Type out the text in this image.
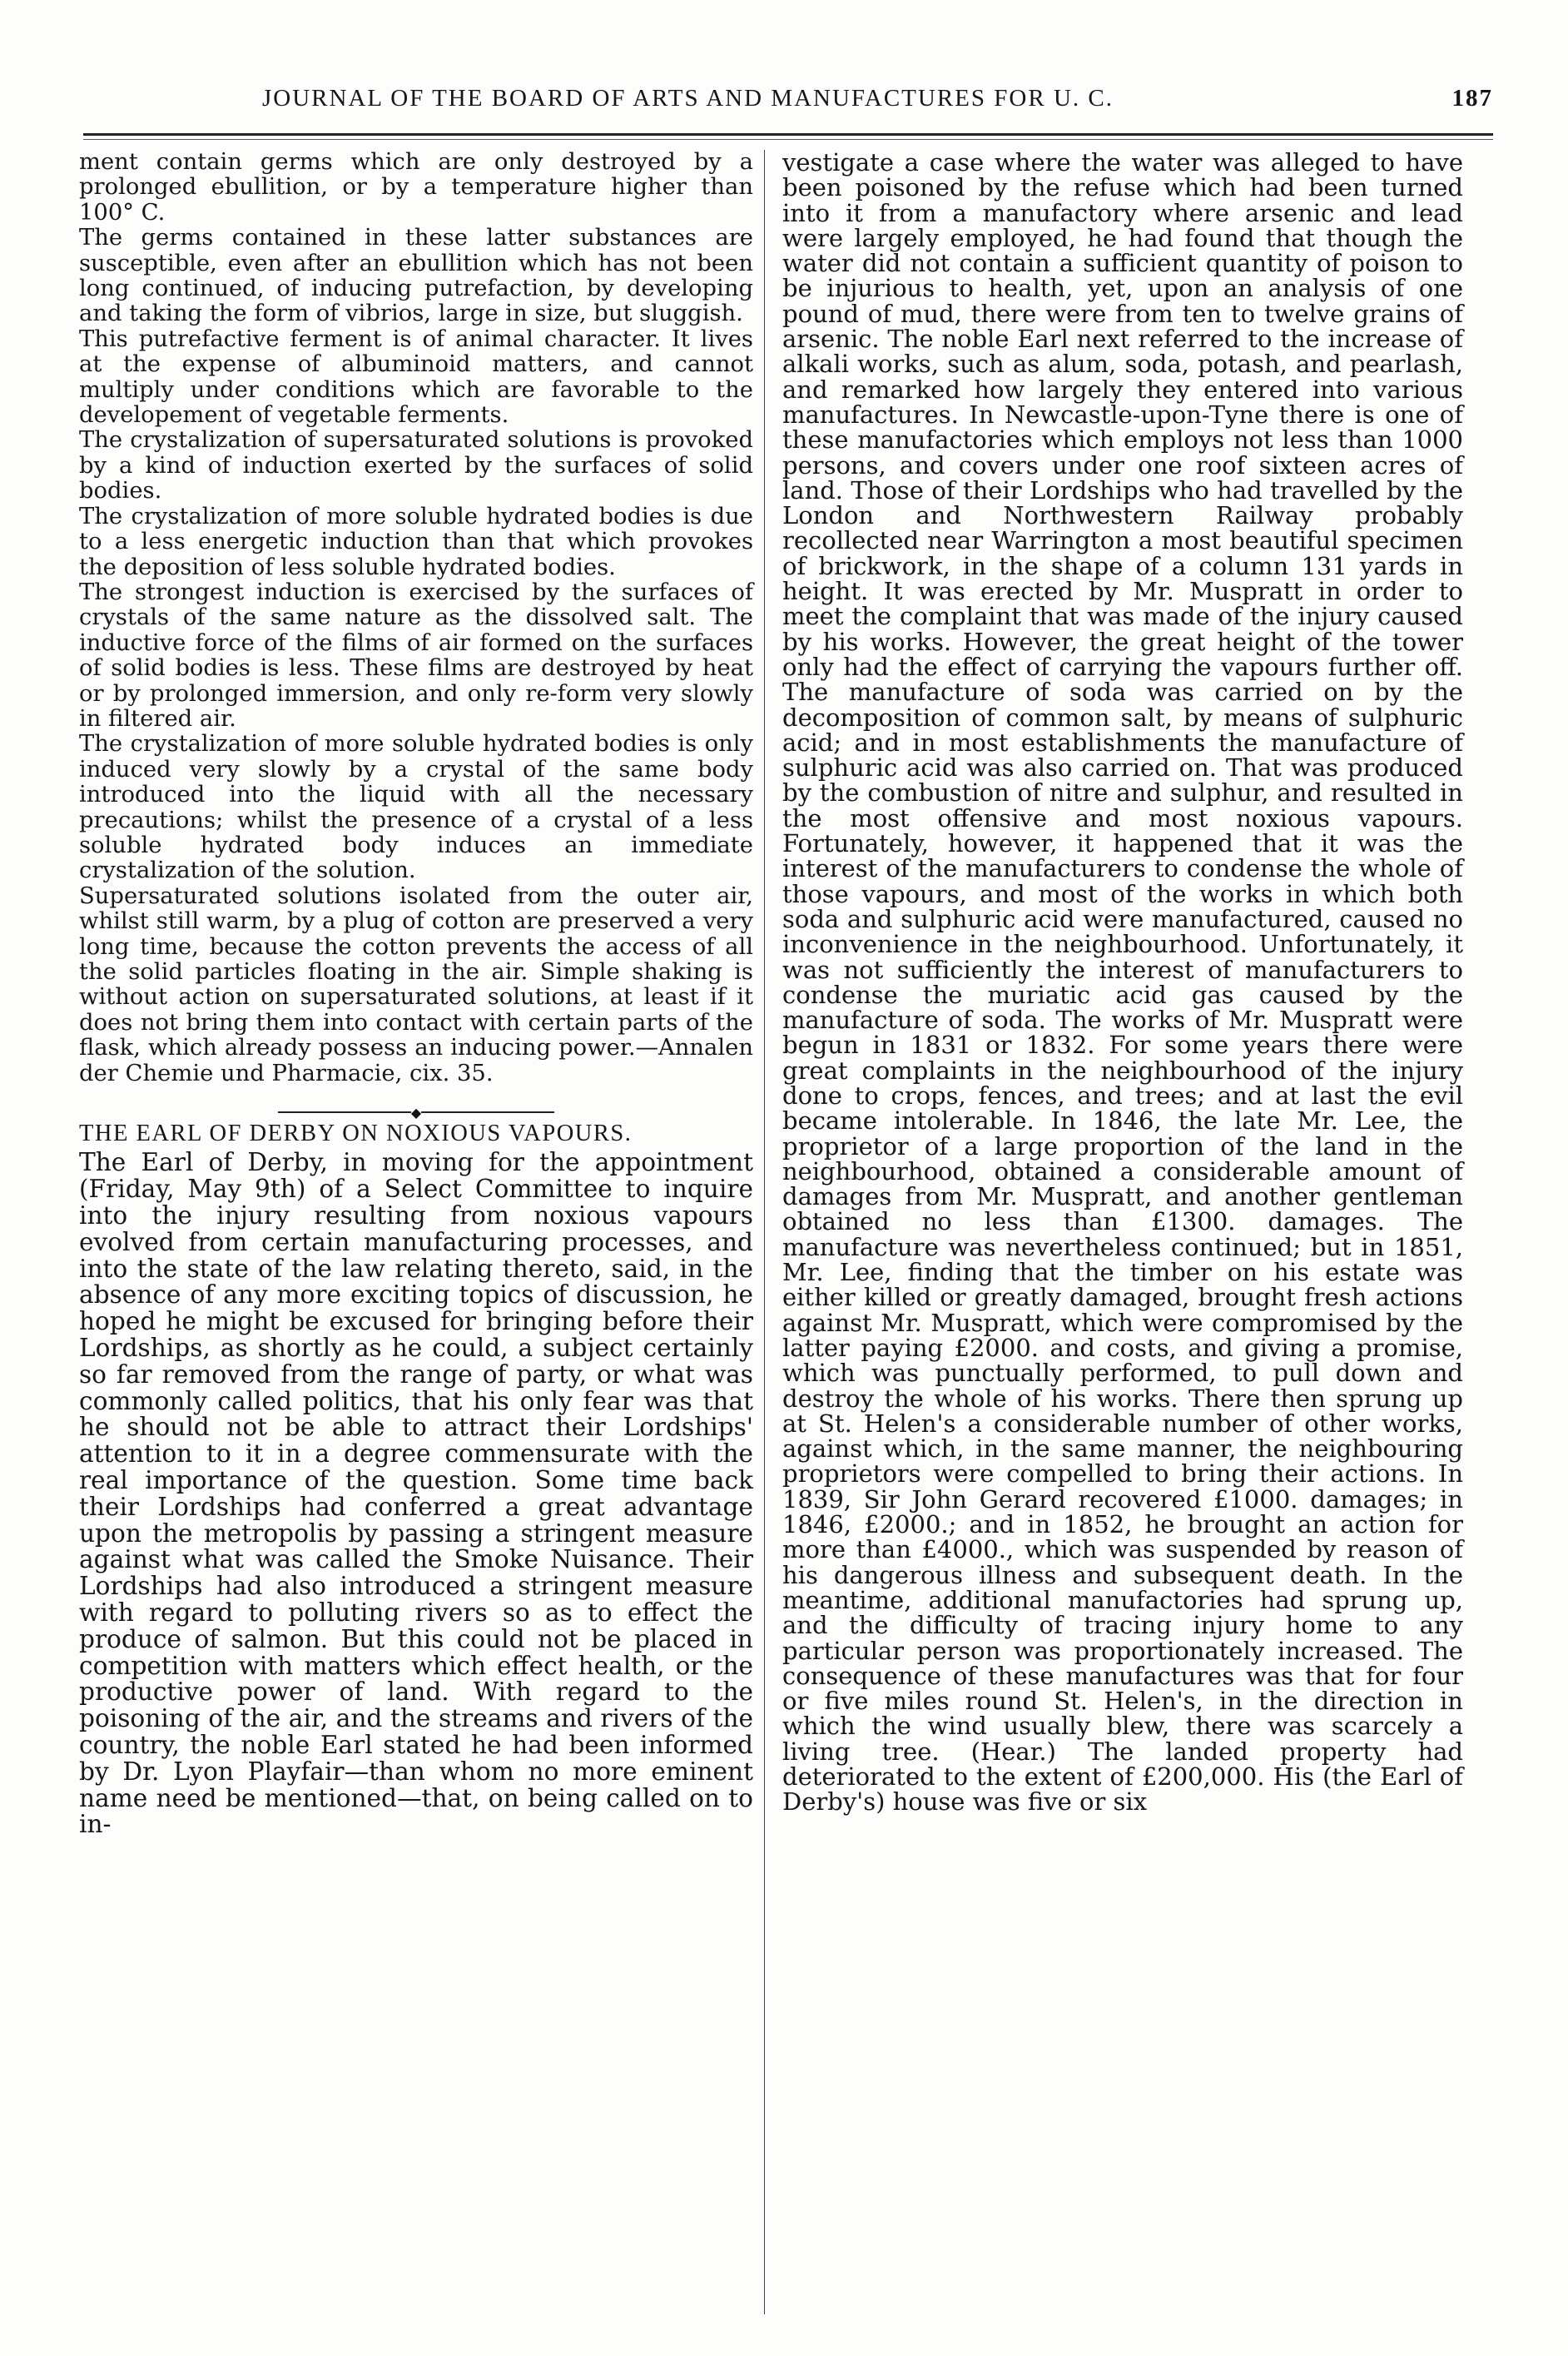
JOURNAL OF THE BOARD OF ARTS AND MANUFACTURES FOR U. C.	187

ment contain germs which are only destroyed by a prolonged ebullition, or by a temperature higher than 100° C.

The germs contained in these latter substances are susceptible, even after an ebullition which has not been long continued, of inducing putrefaction, by developing and taking the form of vibrios, large in size, but sluggish.

This putrefactive ferment is of animal character. It lives at the expense of albuminoid matters, and cannot multiply under conditions which are favorable to the developement of vegetable ferments.

The crystalization of supersaturated solutions is provoked by a kind of induction exerted by the surfaces of solid bodies.

The crystalization of more soluble hydrated bodies is due to a less energetic induction than that which provokes the deposition of less soluble hydrated bodies.

The strongest induction is exercised by the surfaces of crystals of the same nature as the dissolved salt. The inductive force of the films of air formed on the surfaces of solid bodies is less. These films are destroyed by heat or by prolonged immersion, and only re-form very slowly in filtered air.

The crystalization of more soluble hydrated bodies is only induced very slowly by a crystal of the same body introduced into the liquid with all the necessary precautions; whilst the presence of a crystal of a less soluble hydrated body induces an immediate crystalization of the solution.

Supersaturated solutions isolated from the outer air, whilst still warm, by a plug of cotton are preserved a very long time, because the cotton prevents the access of all the solid particles floating in the air. Simple shaking is without action on supersaturated solutions, at least if it does not bring them into contact with certain parts of the flask, which already possess an inducing power.—Annalen der Chemie und Pharmacie, cix. 35.

◆
THE EARL OF DERBY ON NOXIOUS VAPOURS.

The Earl of Derby, in moving for the appointment (Friday, May 9th) of a Select Committee to inquire into the injury resulting from noxious vapours evolved from certain manufacturing processes, and into the state of the law relating thereto, said, in the absence of any more exciting topics of discussion, he hoped he might be excused for bringing before their Lordships, as shortly as he could, a subject certainly so far removed from the range of party, or what was commonly called politics, that his only fear was that he should not be able to attract their Lordships' attention to it in a degree commensurate with the real importance of the question. Some time back their Lordships had conferred a great advantage upon the metropolis by passing a stringent measure against what was called the Smoke Nuisance. Their Lordships had also introduced a stringent measure with regard to polluting rivers so as to effect the produce of salmon. But this could not be placed in competition with matters which effect health, or the productive power of land. With regard to the poisoning of the air, and the streams and rivers of the country, the noble Earl stated he had been informed by Dr. Lyon Playfair—than whom no more eminent name need be mentioned—that, on being called on to in-

vestigate a case where the water was alleged to have been poisoned by the refuse which had been turned into it from a manufactory where arsenic and lead were largely employed, he had found that though the water did not contain a sufficient quantity of poison to be injurious to health, yet, upon an analysis of one pound of mud, there were from ten to twelve grains of arsenic. The noble Earl next referred to the increase of alkali works, such as alum, soda, potash, and pearlash, and remarked how largely they entered into various manufactures. In Newcastle-upon-Tyne there is one of these manufactories which employs not less than 1000 persons, and covers under one roof sixteen acres of land. Those of their Lordships who had travelled by the London and Northwestern Railway probably recollected near Warrington a most beautiful specimen of brickwork, in the shape of a column 131 yards in height. It was erected by Mr. Muspratt in order to meet the complaint that was made of the injury caused by his works. However, the great height of the tower only had the effect of carrying the vapours further off. The manufacture of soda was carried on by the decomposition of common salt, by means of sulphuric acid; and in most establishments the manufacture of sulphuric acid was also carried on. That was produced by the combustion of nitre and sulphur, and resulted in the most offensive and most noxious vapours. Fortunately, however, it happened that it was the interest of the manufacturers to condense the whole of those vapours, and most of the works in which both soda and sulphuric acid were manufactured, caused no inconvenience in the neighbourhood. Unfortunately, it was not sufficiently the interest of manufacturers to condense the muriatic acid gas caused by the manufacture of soda. The works of Mr. Muspratt were begun in 1831 or 1832. For some years there were great complaints in the neighbourhood of the injury done to crops, fences, and trees; and at last the evil became intolerable. In 1846, the late Mr. Lee, the proprietor of a large proportion of the land in the neighbourhood, obtained a considerable amount of damages from Mr. Muspratt, and another gentleman obtained no less than £1300. damages. The manufacture was nevertheless continued; but in 1851, Mr. Lee, finding that the timber on his estate was either killed or greatly damaged, brought fresh actions against Mr. Muspratt, which were compromised by the latter paying £2000. and costs, and giving a promise, which was punctually performed, to pull down and destroy the whole of his works. There then sprung up at St. Helen's a considerable number of other works, against which, in the same manner, the neighbouring proprietors were compelled to bring their actions. In 1839, Sir John Gerard recovered £1000. damages; in 1846, £2000.; and in 1852, he brought an action for more than £4000., which was suspended by reason of his dangerous illness and subsequent death. In the meantime, additional manufactories had sprung up, and the difficulty of tracing injury home to any particular person was proportionately increased. The consequence of these manufactures was that for four or five miles round St. Helen's, in the direction in which the wind usually blew, there was scarcely a living tree. (Hear.) The landed property had deteriorated to the extent of £200,000. His (the Earl of Derby's) house was five or six
